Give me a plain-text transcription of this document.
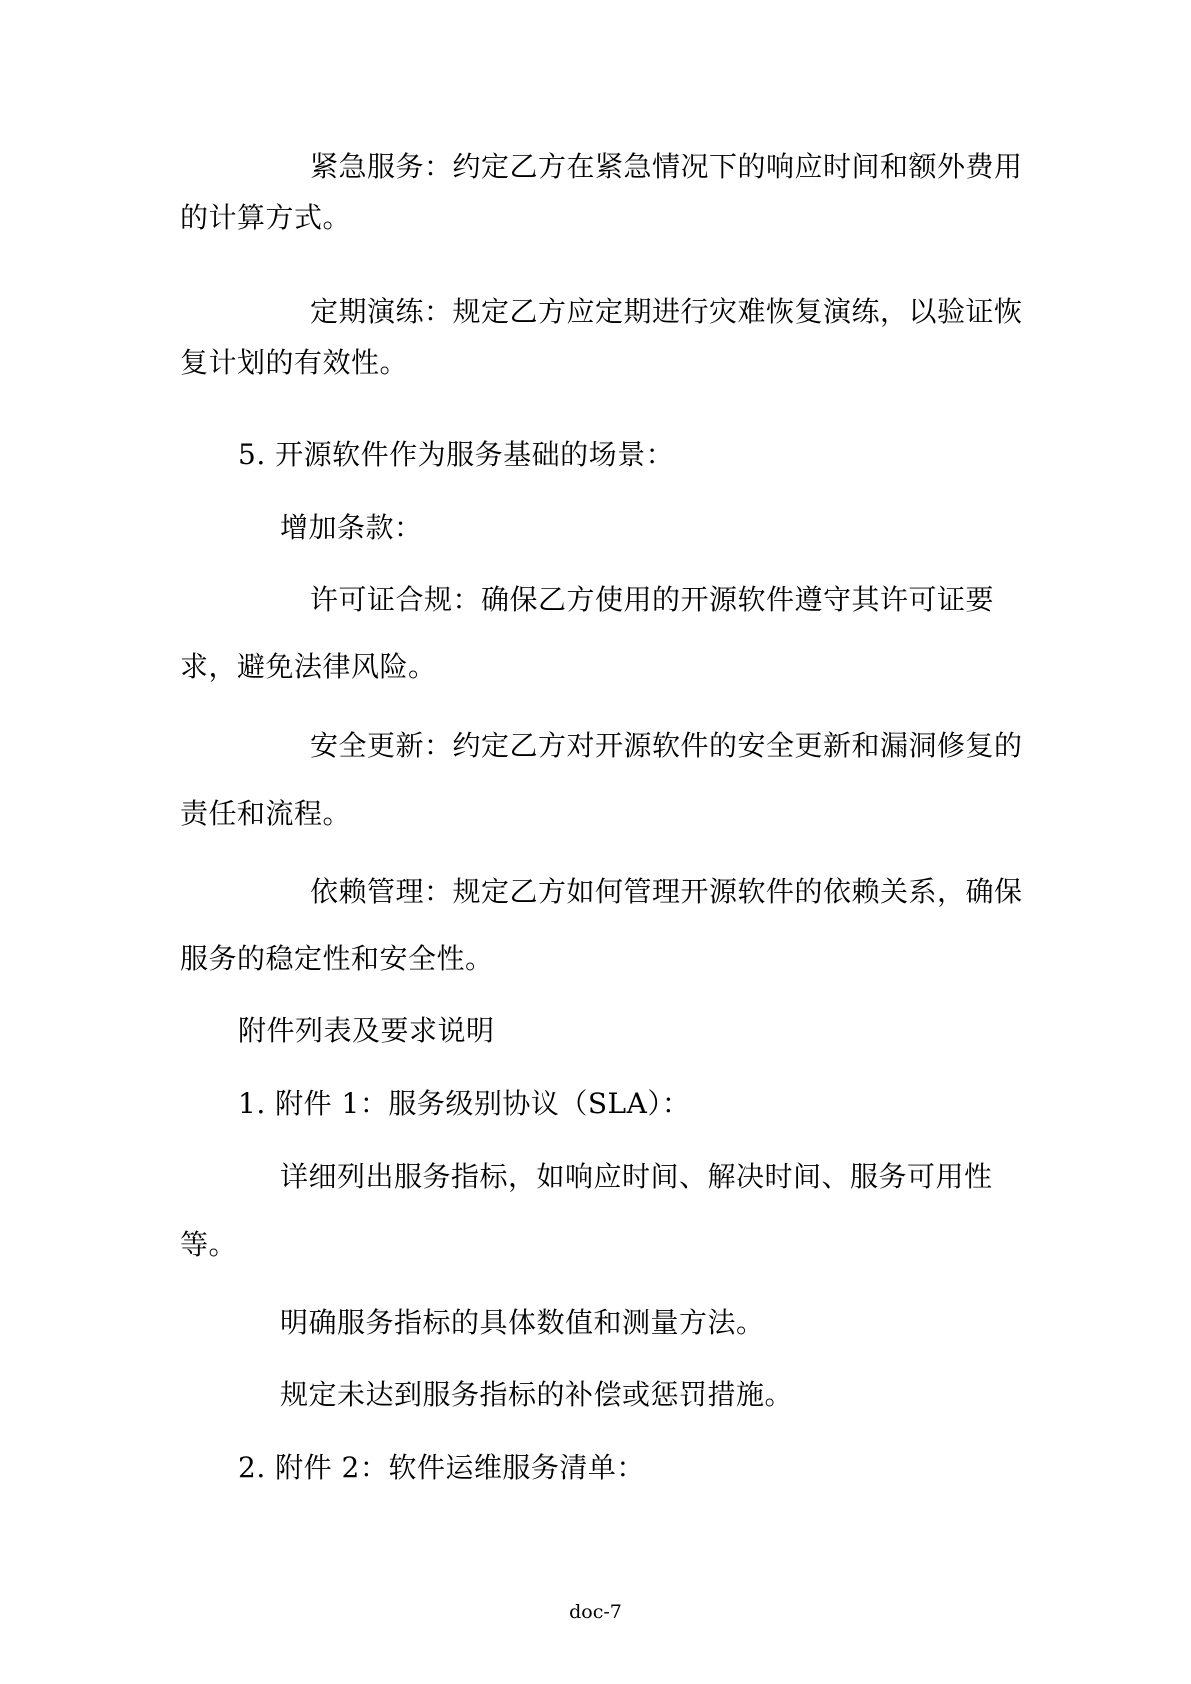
紧急服务：约定乙方在紧急情况下的响应时间和额外费用
的计算方式。
定期演练：规定乙方应定期进行灾难恢复演练，以验证恢
复计划的有效性。
5. 开源软件作为服务基础的场景：
增加条款：
许可证合规：确保乙方使用的开源软件遵守其许可证要
求，避免法律风险。
安全更新：约定乙方对开源软件的安全更新和漏洞修复的
责任和流程。
依赖管理：规定乙方如何管理开源软件的依赖关系，确保
服务的稳定性和安全性。
附件列表及要求说明
1. 附件 1：服务级别协议（SLA）：
详细列出服务指标，如响应时间、解决时间、服务可用性
等。
明确服务指标的具体数值和测量方法。
规定未达到服务指标的补偿或惩罚措施。
2. 附件 2：软件运维服务清单：
doc-7
